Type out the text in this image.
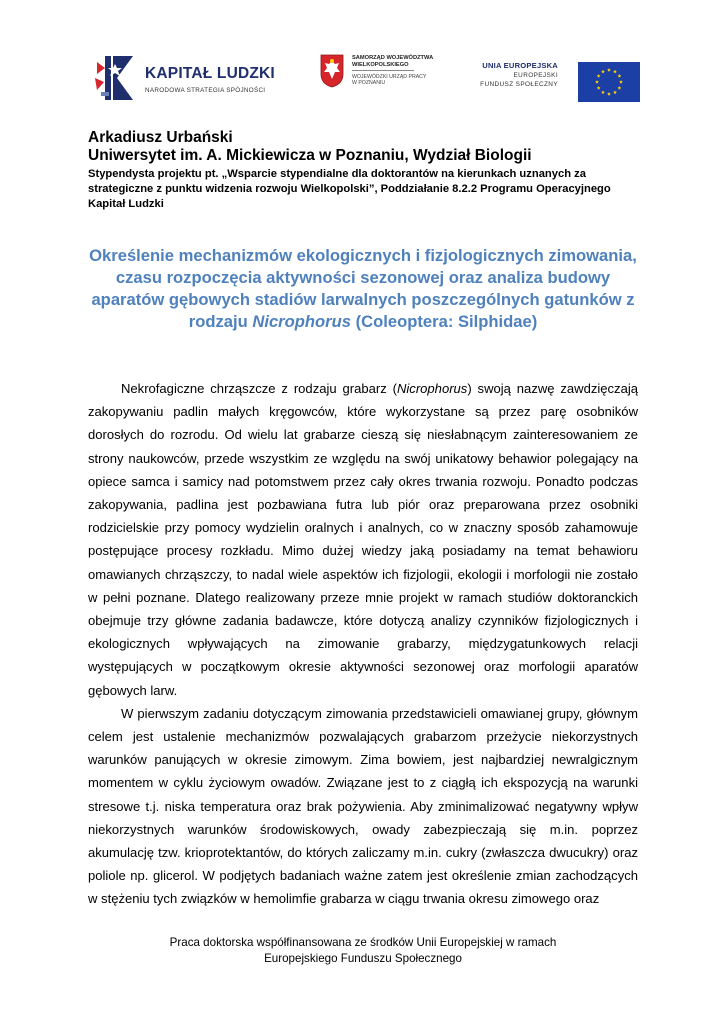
KAPITAŁ LUDZKI
NARODOWA STRATEGIA SPÓJNOŚCI
SAMORZĄD WOJEWÓDZTWA
WIELKOPOLSKIEGO
WOJEWÓDZKI URZĄD PRACY
W POZNANIU
UNIA EUROPEJSKA
EUROPEJSKI
FUNDUSZ SPOŁECZNY
Arkadiusz Urbański
Uniwersytet im. A. Mickiewicza w Poznaniu, Wydział Biologii
Stypendysta projektu pt. „Wsparcie stypendialne dla doktorantów na kierunkach uznanych za strategiczne z punktu widzenia rozwoju Wielkopolski”, Poddziałanie 8.2.2 Programu Operacyjnego Kapitał Ludzki
Określenie mechanizmów ekologicznych i fizjologicznych zimowania, czasu rozpoczęcia aktywności sezonowej oraz analiza budowy aparatów gębowych stadiów larwalnych poszczególnych gatunków z rodzaju Nicrophorus (Coleoptera: Silphidae)

Nekrofagiczne chrząszcze z rodzaju grabarz (Nicrophorus) swoją nazwę zawdzięczają zakopywaniu padlin małych kręgowców, które wykorzystane są przez parę osobników dorosłych do rozrodu. Od wielu lat grabarze cieszą się niesłabnącym zainteresowaniem ze strony naukowców, przede wszystkim ze względu na swój unikatowy behawior polegający na opiece samca i samicy nad potomstwem przez cały okres trwania rozwoju. Ponadto podczas zakopywania, padlina jest pozbawiana futra lub piór oraz preparowana przez osobniki rodzicielskie przy pomocy wydzielin oralnych i analnych, co w znaczny sposób zahamowuje postępujące procesy rozkładu. Mimo dużej wiedzy jaką posiadamy na temat behawioru omawianych chrząszczy, to nadal wiele aspektów ich fizjologii, ekologii i morfologii nie zostało w pełni poznane. Dlatego realizowany przeze mnie projekt w ramach studiów doktoranckich obejmuje trzy główne zadania badawcze, które dotyczą analizy czynników fizjologicznych i ekologicznych wpływających na zimowanie grabarzy, międzygatunkowych relacji występujących w początkowym okresie aktywności sezonowej oraz morfologii aparatów gębowych larw.

W pierwszym zadaniu dotyczącym zimowania przedstawicieli omawianej grupy, głównym celem jest ustalenie mechanizmów pozwalających grabarzom przeżycie niekorzystnych warunków panujących w okresie zimowym. Zima bowiem, jest najbardziej newralgicznym momentem w cyklu życiowym owadów. Związane jest to z ciągłą ich ekspozycją na warunki stresowe t.j. niska temperatura oraz brak pożywienia. Aby zminimalizować negatywny wpływ niekorzystnych warunków środowiskowych, owady zabezpieczają się m.in. poprzez akumulację tzw. krioprotektantów, do których zaliczamy m.in. cukry (zwłaszcza dwucukry) oraz poliole np. glicerol. W podjętych badaniach ważne zatem jest określenie zmian zachodzących w stężeniu tych związków w hemolimfie grabarza w ciągu trwania okresu zimowego oraz

Praca doktorska współfinansowana ze środków Unii Europejskiej w ramach
Europejskiego Funduszu Społecznego
